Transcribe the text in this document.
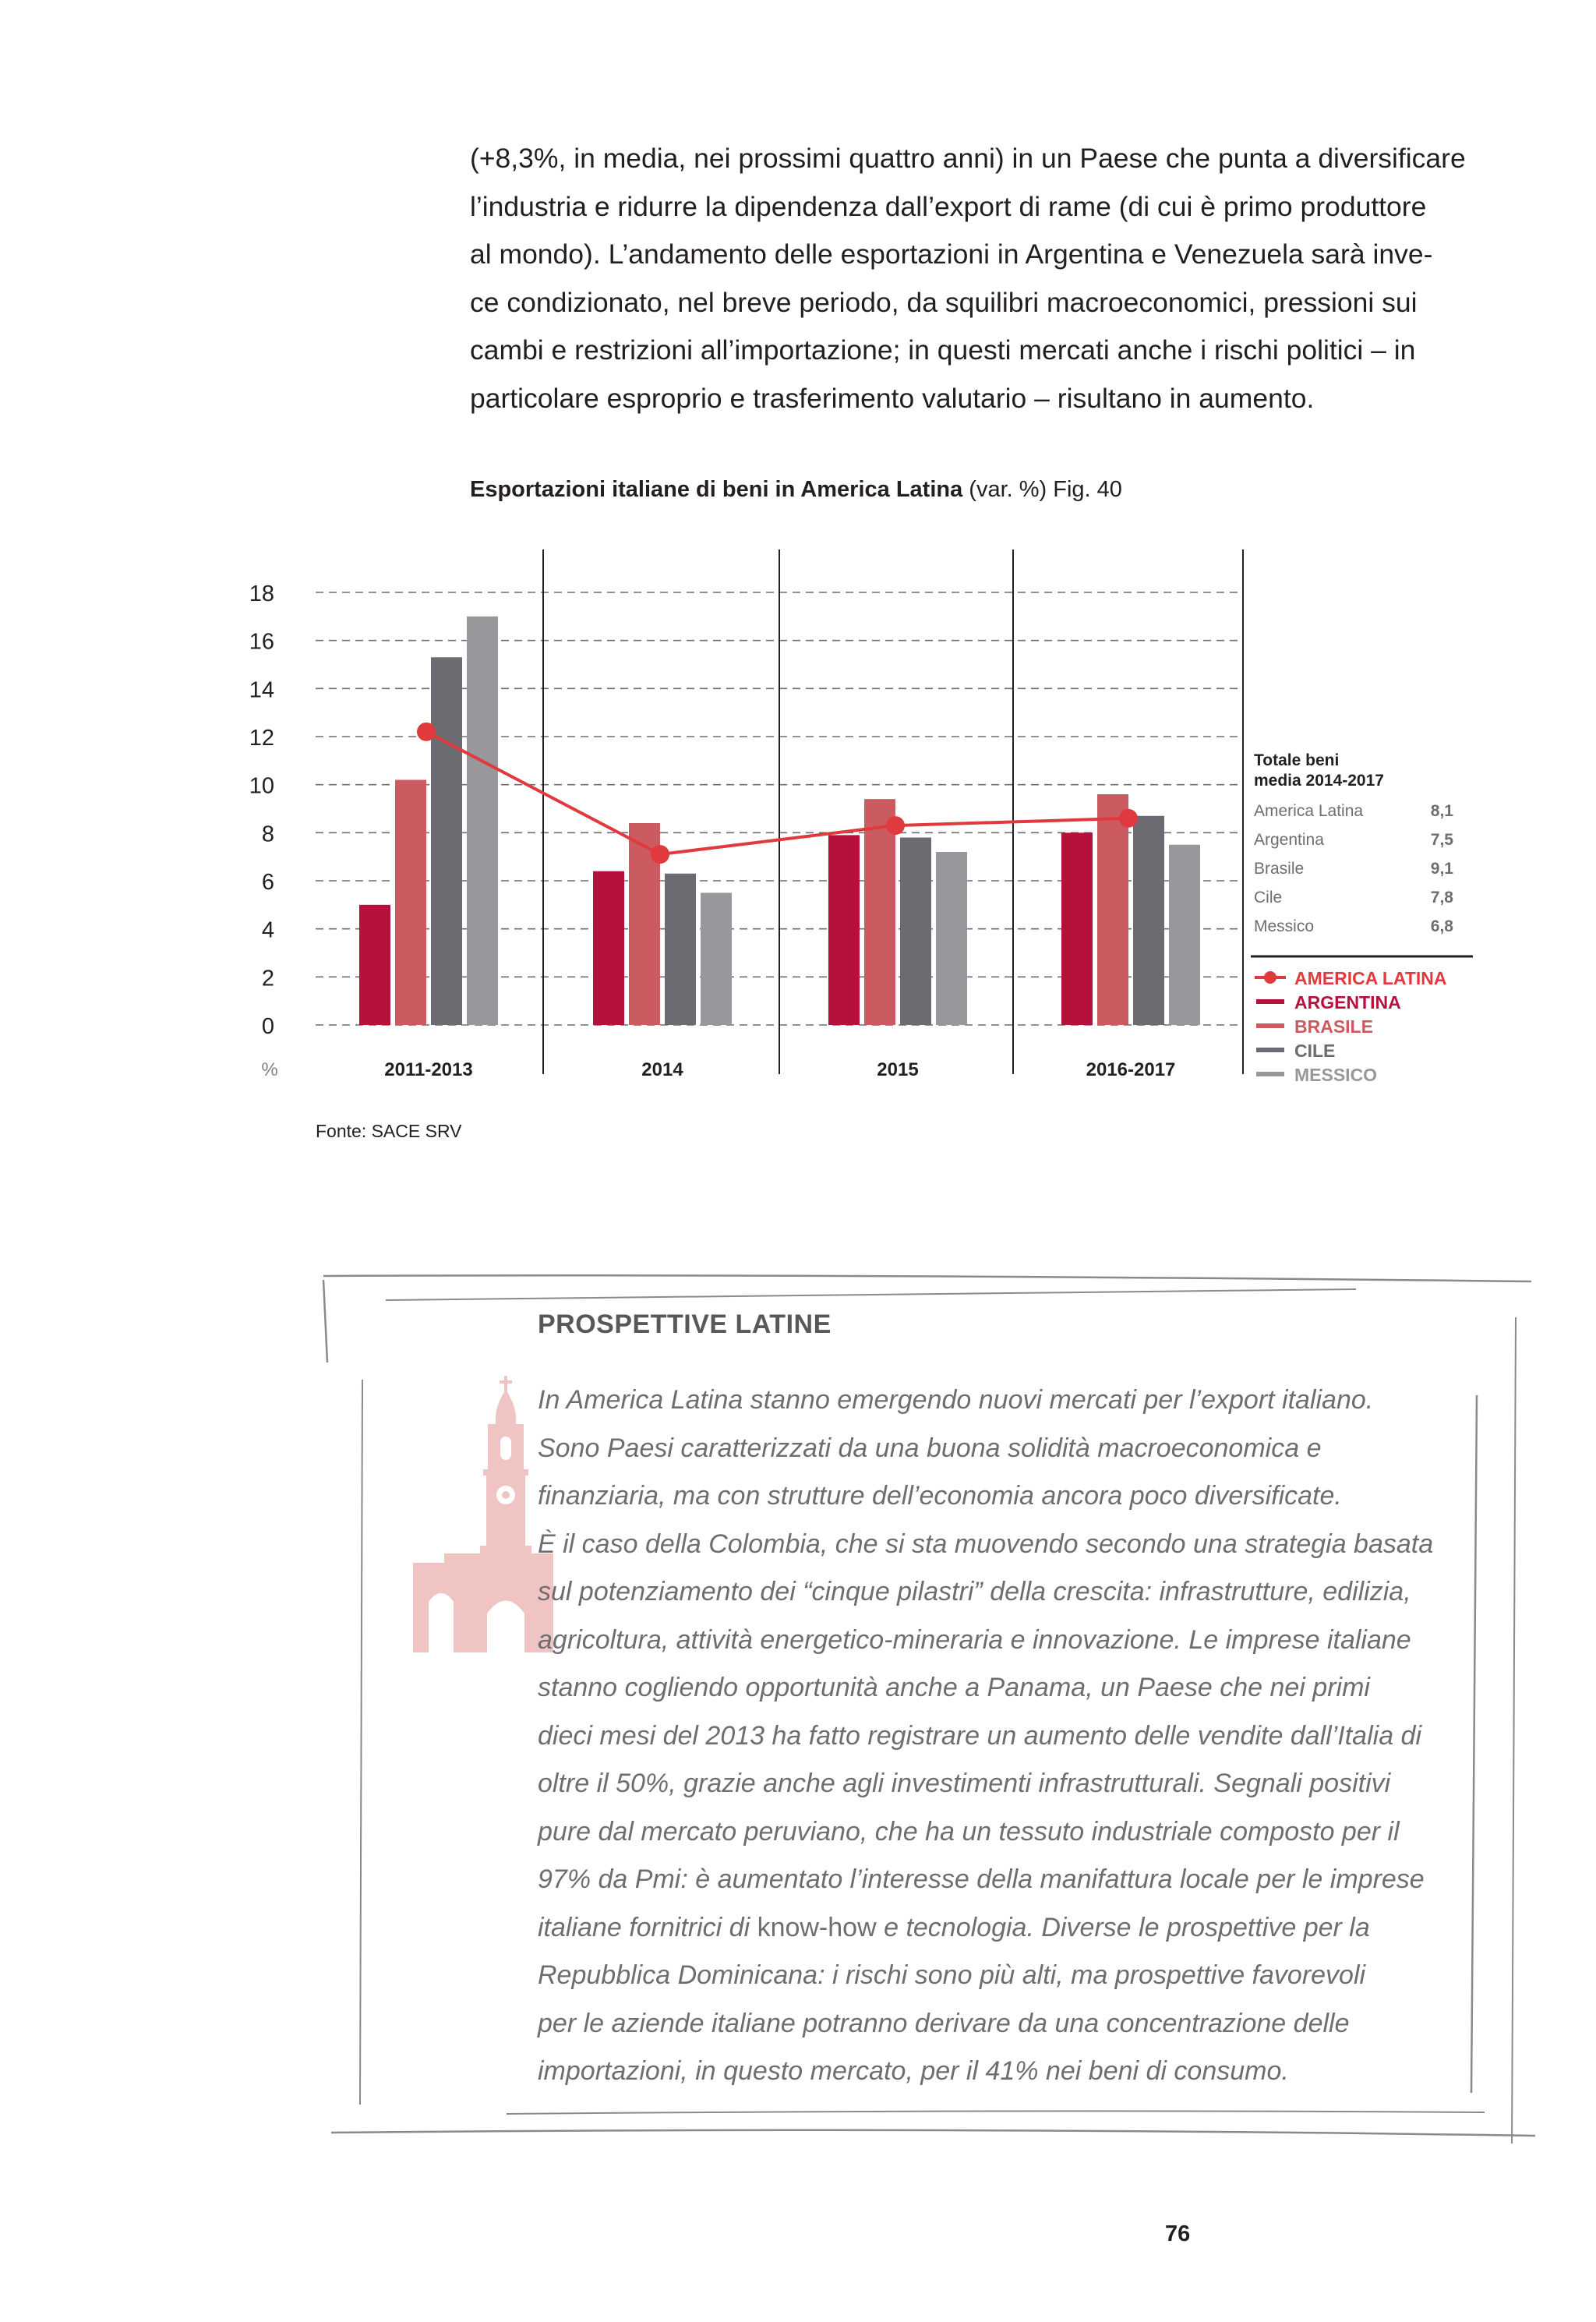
(+8,3%, in media, nei prossimi quattro anni) in un Paese che punta a diversificare

l’industria e ridurre la dipendenza dall’export di rame (di cui è primo produttore

al mondo). L’andamento delle esportazioni in Argentina e Venezuela sarà inve-

ce condizionato, nel breve periodo, da squilibri macroeconomici, pressioni sui

cambi e restrizioni all’importazione; in questi mercati anche i rischi politici – in

particolare esproprio e trasferimento valutario – risultano in aumento.

Esportazioni italiane di beni in America Latina (var. %) Fig. 40
0
2
4
6
8
10
12
14
16
18
%	2011-2013	2014	2015	2016-2017
Totale beni
media 2014-2017
America Latina	8,1
Argentina	7,5
Brasile	9,1
Cile	7,8
Messico	6,8
AMERICA LATINA
ARGENTINA
BRASILE
CILE
MESSICO
Fonte: SACE SRV
PROSPETTIVE LATINE

In America Latina stanno emergendo nuovi mercati per l’export italiano.

Sono Paesi caratterizzati da una buona solidità macroeconomica e

finanziaria, ma con strutture dell’economia ancora poco diversificate.

È il caso della Colombia, che si sta muovendo secondo una strategia basata

sul potenziamento dei “cinque pilastri” della crescita: infrastrutture, edilizia,

agricoltura, attività energetico-mineraria e innovazione. Le imprese italiane

stanno cogliendo opportunità anche a Panama, un Paese che nei primi

dieci mesi del 2013 ha fatto registrare un aumento delle vendite dall’Italia di

oltre il 50%, grazie anche agli investimenti infrastrutturali. Segnali positivi

pure dal mercato peruviano, che ha un tessuto industriale composto per il

97% da Pmi: è aumentato l’interesse della manifattura locale per le imprese

italiane fornitrici di know-how e tecnologia. Diverse le prospettive per la

Repubblica Dominicana: i rischi sono più alti, ma prospettive favorevoli

per le aziende italiane potranno derivare da una concentrazione delle

importazioni, in questo mercato, per il 41% nei beni di consumo.

76
